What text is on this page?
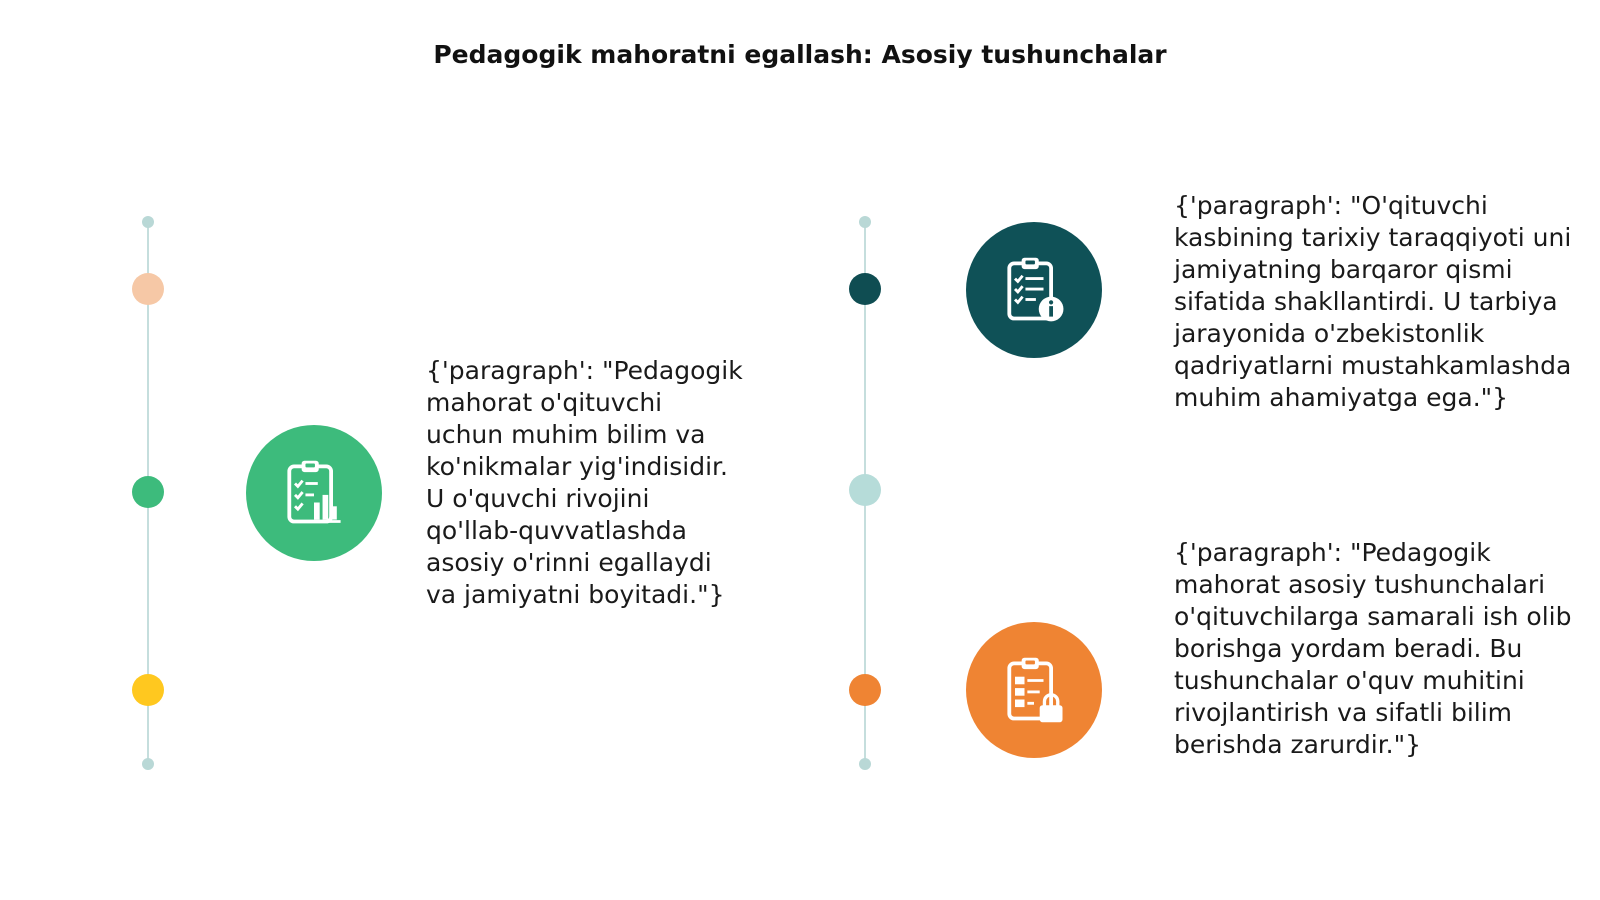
Pedagogik mahoratni egallash: Asosiy tushunchalar
{'paragraph': "Pedagogik mahorat o'qituvchi uchun muhim bilim va ko'nikmalar yig'indisidir. U o'quvchi rivojini qo'llab-quvvatlashda asosiy o'rinni egallaydi va jamiyatni boyitadi."}
{'paragraph': "O'qituvchi kasbining tarixiy taraqqiyoti uni jamiyatning barqaror qismi sifatida shakllantirdi. U tarbiya jarayonida o'zbekistonlik qadriyatlarni mustahkamlashda muhim ahamiyatga ega."}
{'paragraph': "Pedagogik mahorat asosiy tushunchalari o'qituvchilarga samarali ish olib borishga yordam beradi. Bu tushunchalar o'quv muhitini rivojlantirish va sifatli bilim berishda zarurdir."}
